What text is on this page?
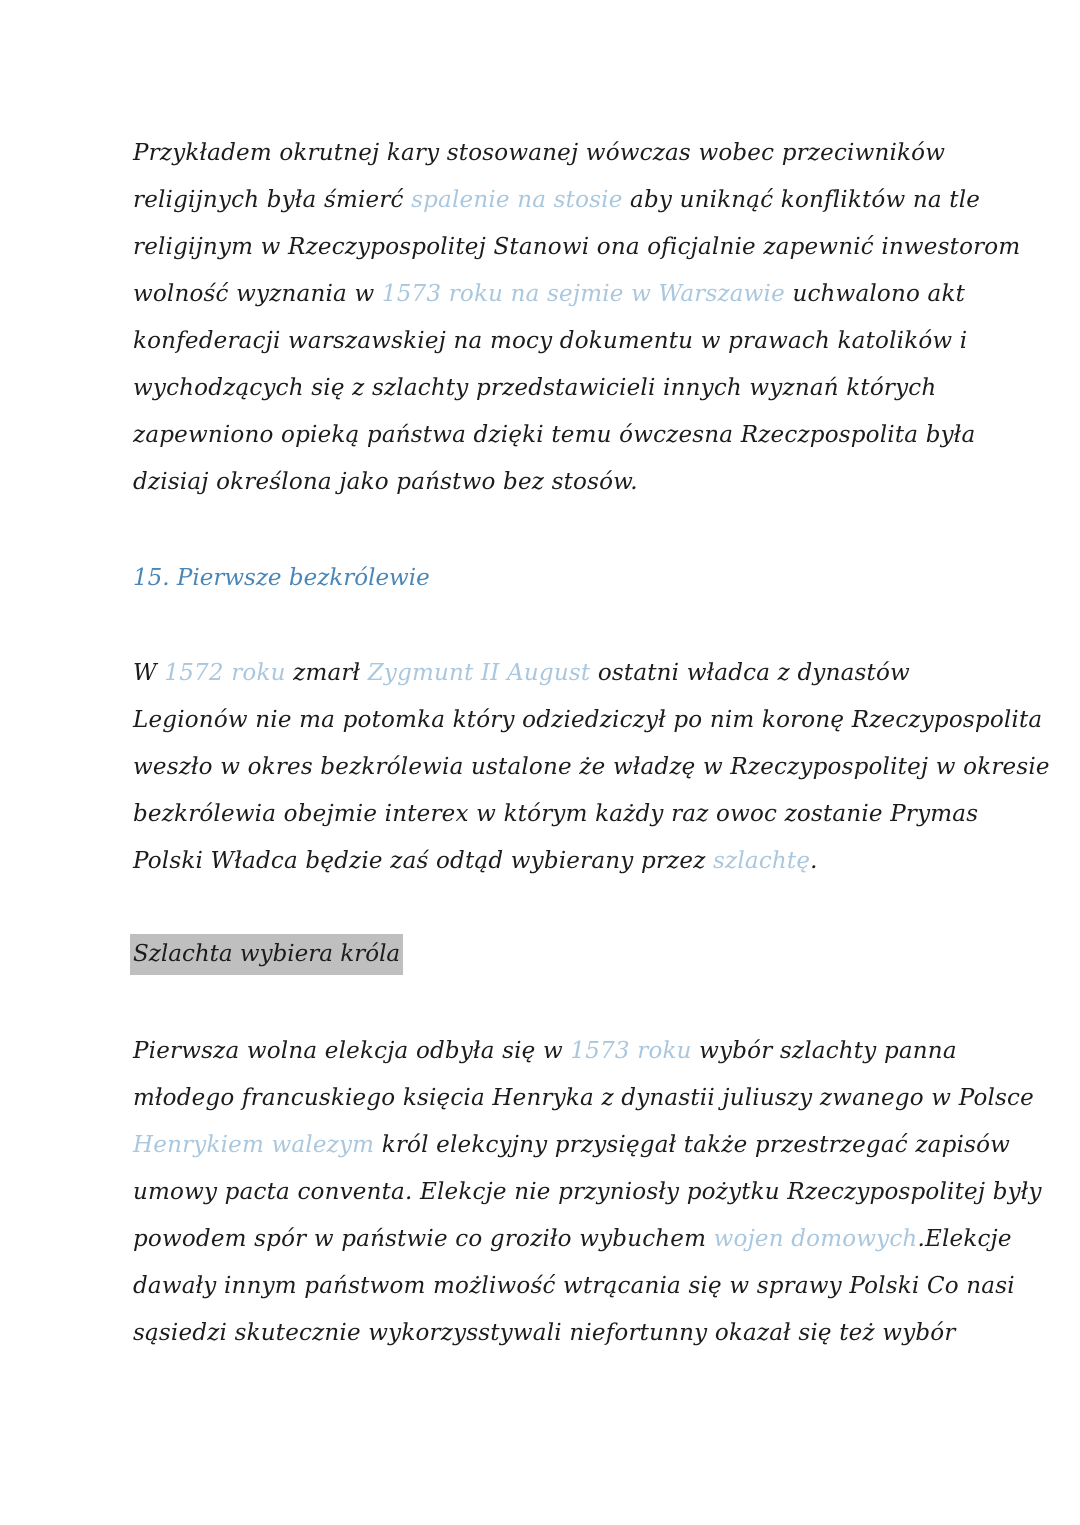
Przykładem okrutnej kary stosowanej wówczas wobec przeciwników
religijnych była śmierć spalenie na stosie aby uniknąć konfliktów na tle
religijnym w Rzeczypospolitej Stanowi ona oficjalnie zapewnić inwestorom
wolność wyznania w 1573 roku na sejmie w Warszawie uchwalono akt
konfederacji warszawskiej na mocy dokumentu w prawach katolików i
wychodzących się z szlachty przedstawicieli innych wyznań których
zapewniono opieką państwa dzięki temu ówczesna Rzeczpospolita była
dzisiaj określona jako państwo bez stosów.

15. Pierwsze bezkrólewie

W 1572 roku zmarł Zygmunt II August ostatni władca z dynastów
Legionów nie ma potomka który odziedziczył po nim koronę Rzeczypospolita
weszło w okres bezkrólewia ustalone że władzę w Rzeczypospolitej w okresie
bezkrólewia obejmie interex w którym każdy raz owoc zostanie Prymas
Polski Władca będzie zaś odtąd wybierany przez szlachtę.

Szlachta wybiera króla

Pierwsza wolna elekcja odbyła się w 1573 roku wybór szlachty panna
młodego francuskiego księcia Henryka z dynastii juliuszy zwanego w Polsce
Henrykiem walezym król elekcyjny przysięgał także przestrzegać zapisów
umowy pacta conventa. Elekcje nie przyniosły pożytku Rzeczypospolitej były
powodem spór w państwie co groziło wybuchem wojen domowych.Elekcje
dawały innym państwom możliwość wtrącania się w sprawy Polski Co nasi
sąsiedzi skutecznie wykorzysstywali niefortunny okazał się też wybór
